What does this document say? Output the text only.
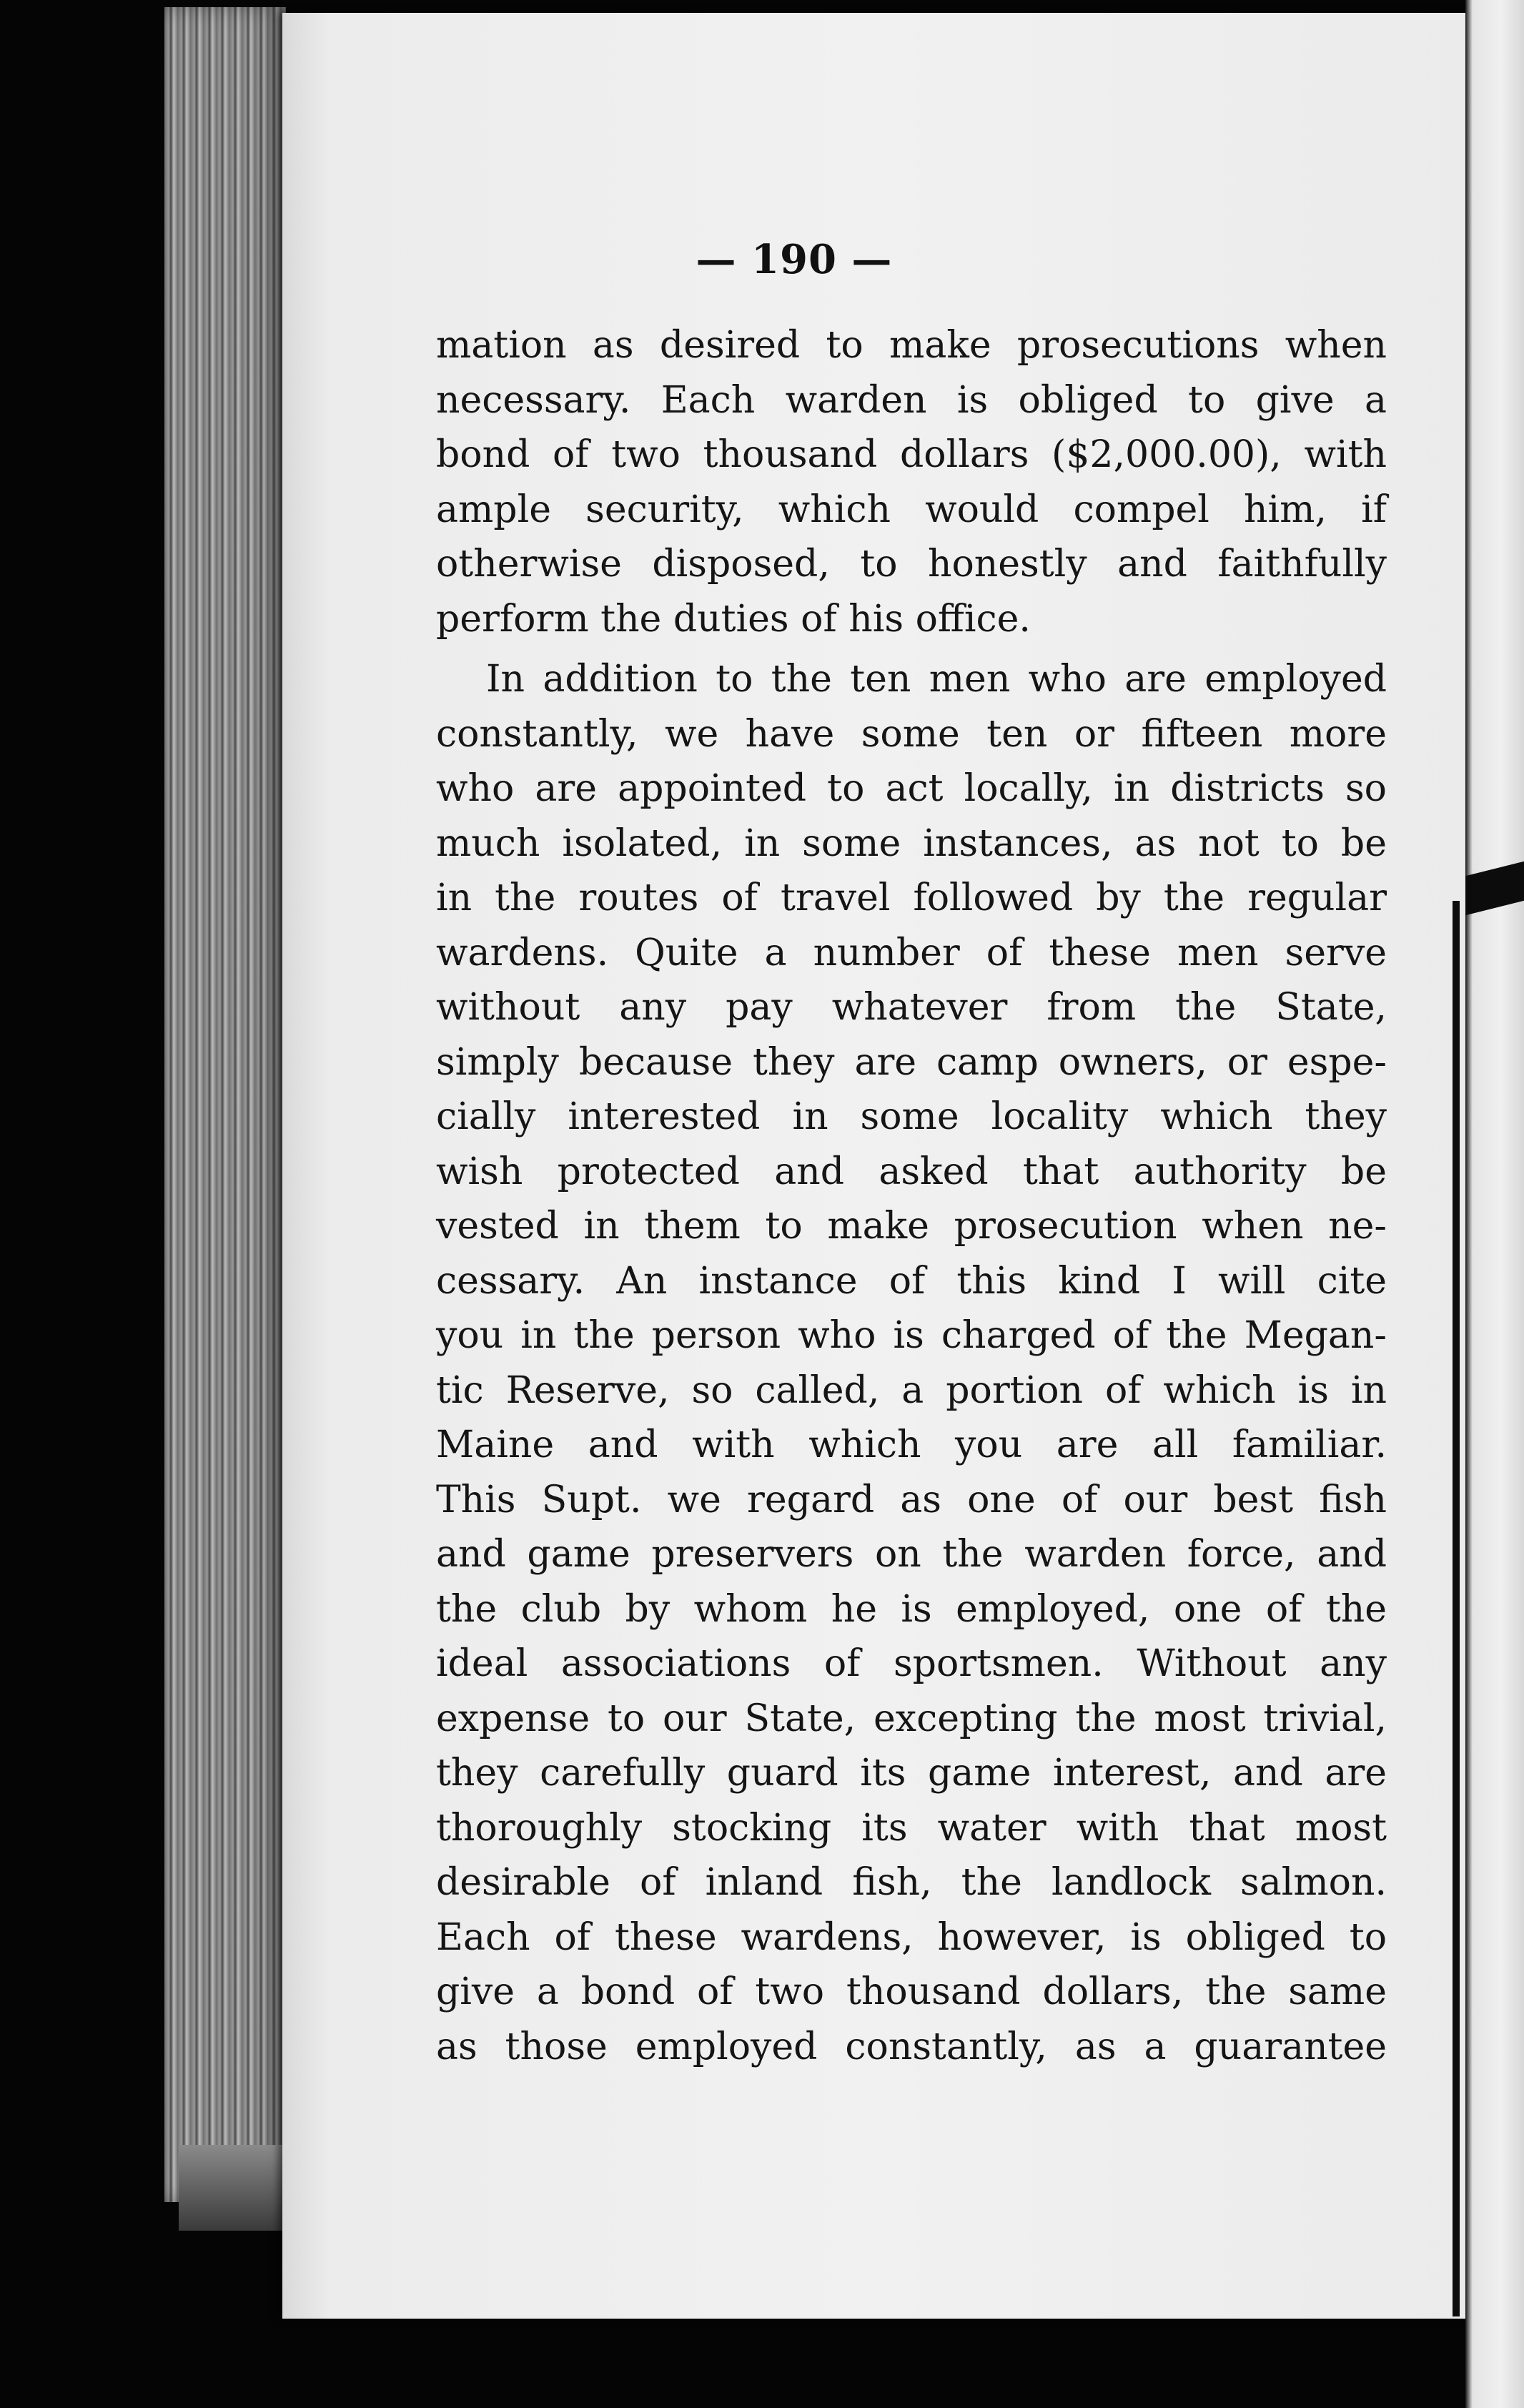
— 190 —
mation as desired to make prosecutions when
necessary. Each warden is obliged to give a
bond of two thousand dollars ($2,000.00), with
ample security, which would compel him, if
otherwise disposed, to honestly and faithfully
perform the duties of his office.
In addition to the ten men who are employed
constantly, we have some ten or fifteen more
who are appointed to act locally, in districts so
much isolated, in some instances, as not to be
in the routes of travel followed by the regular
wardens. Quite a number of these men serve
without any pay whatever from the State,
simply because they are camp owners, or espe-
cially interested in some locality which they
wish protected and asked that authority be
vested in them to make prosecution when ne-
cessary. An instance of this kind I will cite
you in the person who is charged of the Megan-
tic Reserve, so called, a portion of which is in
Maine and with which you are all familiar.
This Supt. we regard as one of our best fish
and game preservers on the warden force, and
the club by whom he is employed, one of the
ideal associations of sportsmen. Without any
expense to our State, excepting the most trivial,
they carefully guard its game interest, and are
thoroughly stocking its water with that most
desirable of inland fish, the landlock salmon.
Each of these wardens, however, is obliged to
give a bond of two thousand dollars, the same
as those employed constantly, as a guarantee
